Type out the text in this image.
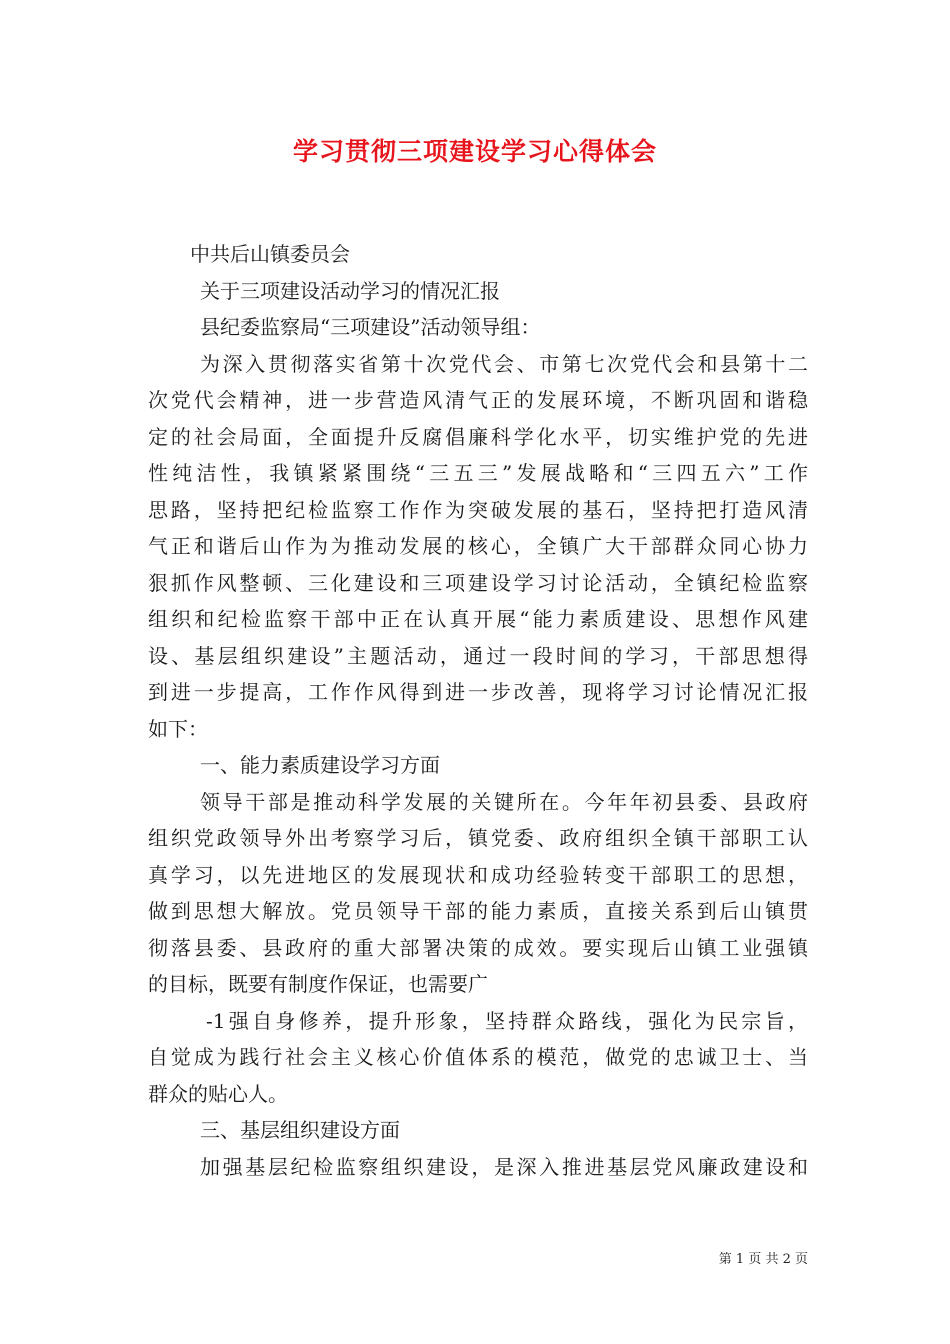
学习贯彻三项建设学习心得体会
中共后山镇委员会
关于三项建设活动学习的情况汇报
县纪委监察局“三项建设”活动领导组：
为深入贯彻落实省第十次党代会、市第七次党代会和县第十二
次党代会精神，进一步营造风清气正的发展环境，不断巩固和谐稳
定的社会局面，全面提升反腐倡廉科学化水平，切实维护党的先进
性纯洁性，我镇紧紧围绕“三五三”发展战略和“三四五六”工作
思路，坚持把纪检监察工作作为突破发展的基石，坚持把打造风清
气正和谐后山作为为推动发展的核心，全镇广大干部群众同心协力
狠抓作风整顿、三化建设和三项建设学习讨论活动，全镇纪检监察
组织和纪检监察干部中正在认真开展“能力素质建设、思想作风建
设、基层组织建设”主题活动，通过一段时间的学习，干部思想得
到进一步提高，工作作风得到进一步改善，现将学习讨论情况汇报
如下：
一、能力素质建设学习方面
领导干部是推动科学发展的关键所在。今年年初县委、县政府
组织党政领导外出考察学习后，镇党委、政府组织全镇干部职工认
真学习，以先进地区的发展现状和成功经验转变干部职工的思想，
做到思想大解放。党员领导干部的能力素质，直接关系到后山镇贯
彻落县委、县政府的重大部署决策的成效。要实现后山镇工业强镇
的目标，既要有制度作保证，也需要广
-1强自身修养，提升形象，坚持群众路线，强化为民宗旨，
自觉成为践行社会主义核心价值体系的模范，做党的忠诚卫士、当
群众的贴心人。
三、基层组织建设方面
加强基层纪检监察组织建设，是深入推进基层党风廉政建设和
第 1 页 共 2 页
